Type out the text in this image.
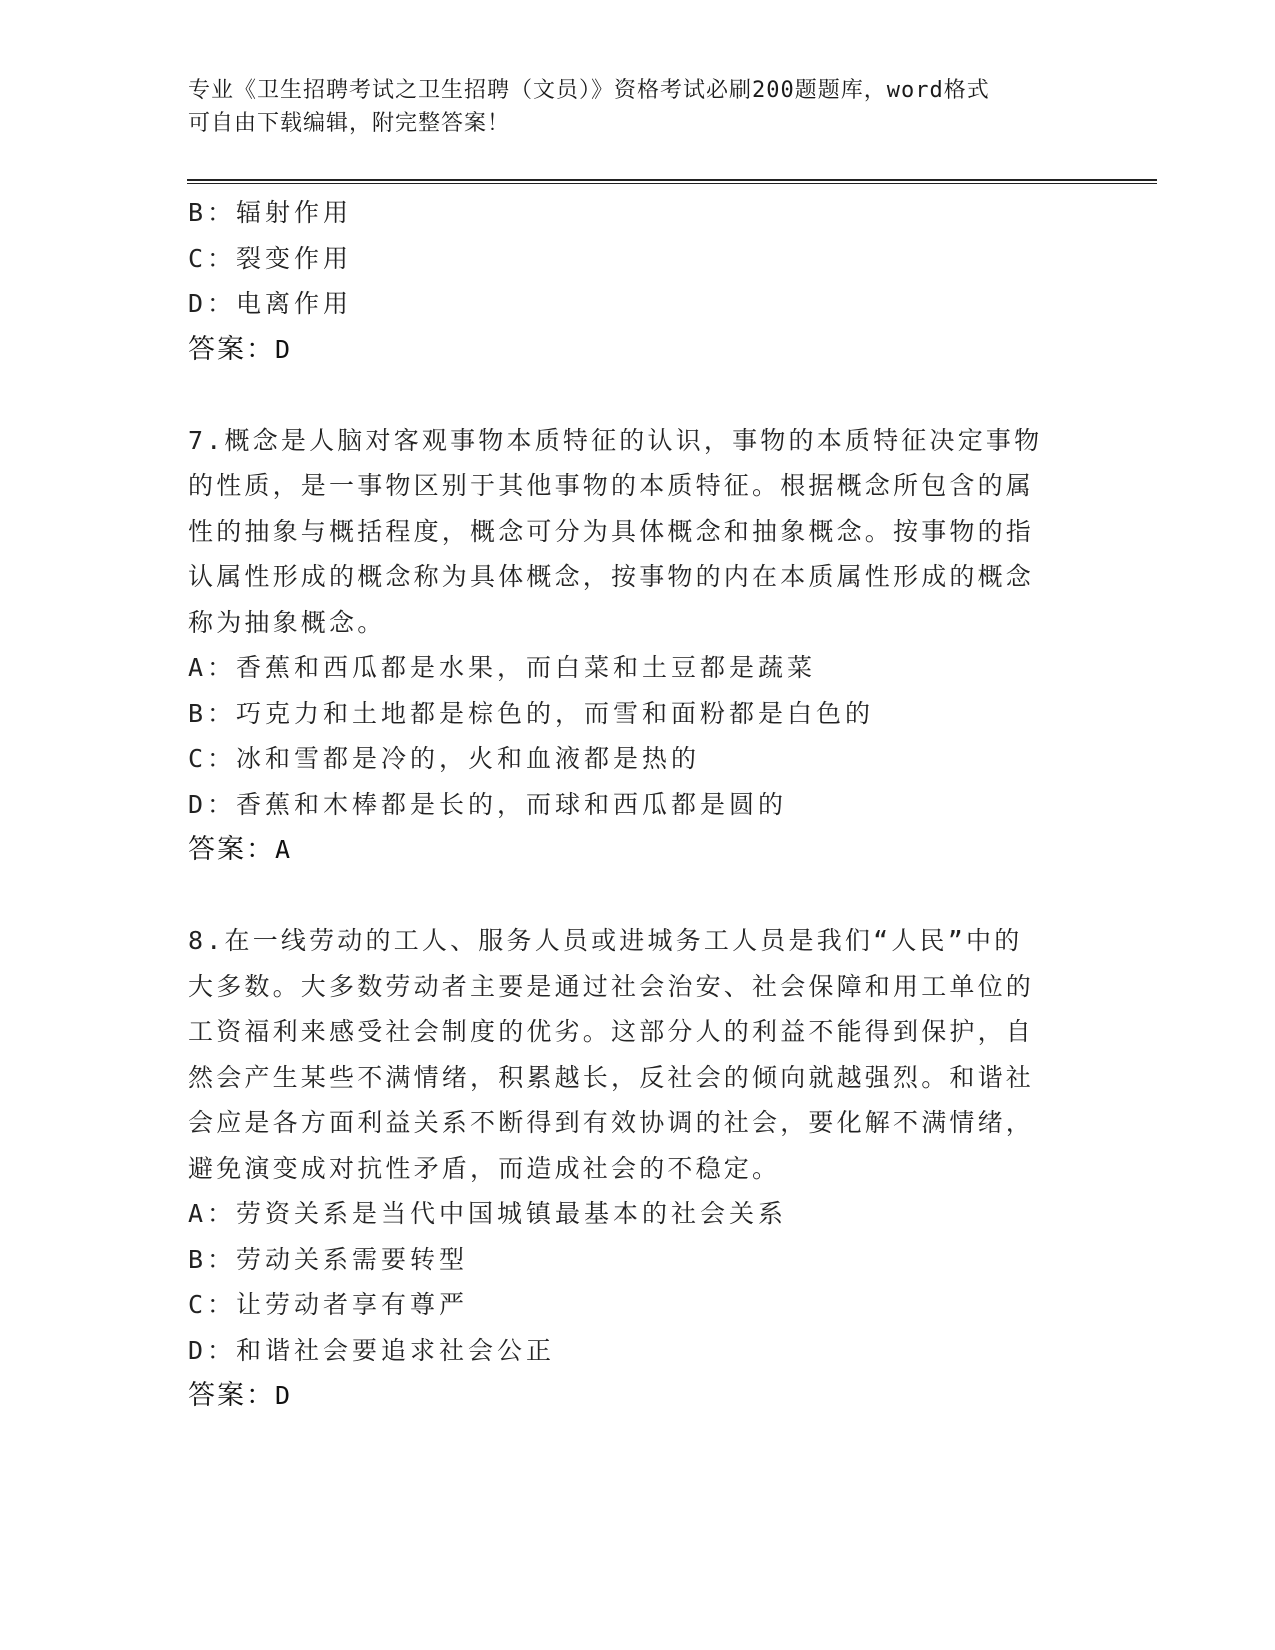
专业《卫生招聘考试之卫生招聘（文员）》资格考试必刷200题题库，word格式
可自由下载编辑，附完整答案！
B：辐射作用
C：裂变作用
D：电离作用
答案：D
7.概念是人脑对客观事物本质特征的认识，事物的本质特征决定事物
的性质，是一事物区别于其他事物的本质特征。根据概念所包含的属
性的抽象与概括程度，概念可分为具体概念和抽象概念。按事物的指
认属性形成的概念称为具体概念，按事物的内在本质属性形成的概念
称为抽象概念。
A：香蕉和西瓜都是水果，而白菜和土豆都是蔬菜
B：巧克力和土地都是棕色的，而雪和面粉都是白色的
C：冰和雪都是冷的，火和血液都是热的
D：香蕉和木棒都是长的，而球和西瓜都是圆的
答案：A
8.在一线劳动的工人、服务人员或进城务工人员是我们“人民”中的
大多数。大多数劳动者主要是通过社会治安、社会保障和用工单位的
工资福利来感受社会制度的优劣。这部分人的利益不能得到保护，自
然会产生某些不满情绪，积累越长，反社会的倾向就越强烈。和谐社
会应是各方面利益关系不断得到有效协调的社会，要化解不满情绪，
避免演变成对抗性矛盾，而造成社会的不稳定。
A：劳资关系是当代中国城镇最基本的社会关系
B：劳动关系需要转型
C：让劳动者享有尊严
D：和谐社会要追求社会公正
答案：D
